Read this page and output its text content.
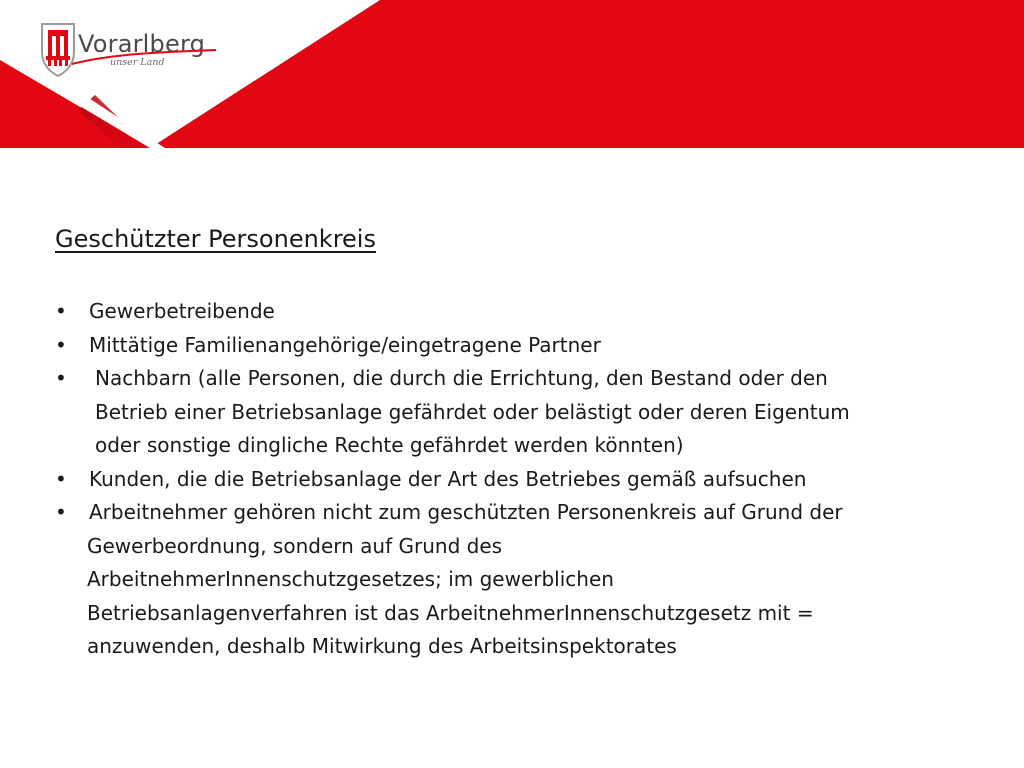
Vorarlberg
unser Land
Geschützter Personenkreis
•	Gewerbetreibende
•	Mittätige Familienangehörige/eingetragene Partner
•	Nachbarn (alle Personen, die durch die Errichtung, den Bestand oder den
Betrieb einer Betriebsanlage gefährdet oder belästigt oder deren Eigentum
oder sonstige dingliche Rechte gefährdet werden könnten)
•	Kunden, die die Betriebsanlage der Art des Betriebes gemäß aufsuchen
•	Arbeitnehmer gehören nicht zum geschützten Personenkreis auf Grund der
Gewerbeordnung, sondern auf Grund des
ArbeitnehmerInnenschutzgesetzes; im gewerblichen
Betriebsanlagenverfahren ist das ArbeitnehmerInnenschutzgesetz mit =
anzuwenden, deshalb Mitwirkung des Arbeitsinspektorates
